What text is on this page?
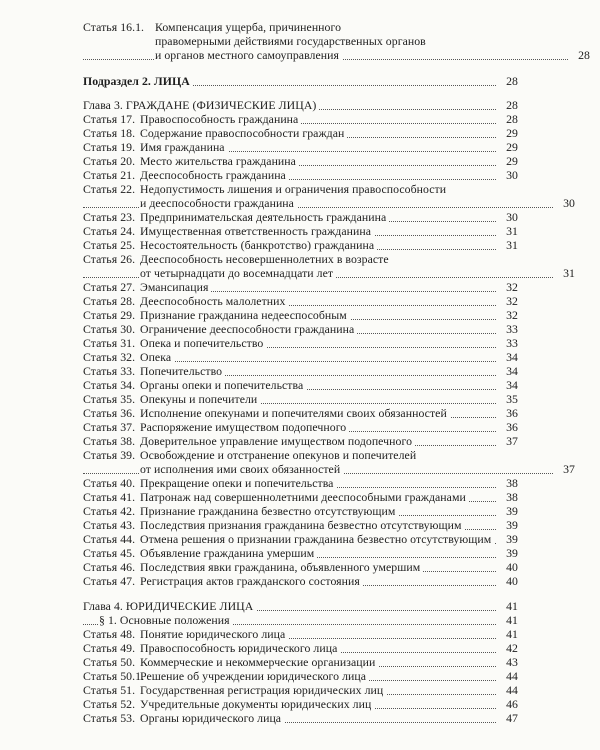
Статья 16.1. Компенсация ущерба, причиненного
правомерными действиями государственных органов
и органов местного самоуправления	28
Подраздел 2. ЛИЦА	28
Глава 3. ГРАЖДАНЕ (ФИЗИЧЕСКИЕ ЛИЦА)	28
Статья 17. Правоспособность гражданина	28
Статья 18. Содержание правоспособности граждан	29
Статья 19. Имя гражданина	29
Статья 20. Место жительства гражданина	29
Статья 21. Дееспособность гражданина	30
Статья 22. Недопустимость лишения и ограничения правоспособности
и дееспособности гражданина	30
Статья 23. Предпринимательская деятельность гражданина	30
Статья 24. Имущественная ответственность гражданина	31
Статья 25. Несостоятельность (банкротство) гражданина	31
Статья 26. Дееспособность несовершеннолетних в возрасте
от четырнадцати до восемнадцати лет	31
Статья 27. Эмансипация	32
Статья 28. Дееспособность малолетних	32
Статья 29. Признание гражданина недееспособным	32
Статья 30. Ограничение дееспособности гражданина	33
Статья 31. Опека и попечительство	33
Статья 32. Опека	34
Статья 33. Попечительство	34
Статья 34. Органы опеки и попечительства	34
Статья 35. Опекуны и попечители	35
Статья 36. Исполнение опекунами и попечителями своих обязанностей	36
Статья 37. Распоряжение имуществом подопечного	36
Статья 38. Доверительное управление имуществом подопечного	37
Статья 39. Освобождение и отстранение опекунов и попечителей
от исполнения ими своих обязанностей	37
Статья 40. Прекращение опеки и попечительства	38
Статья 41. Патронаж над совершеннолетними дееспособными гражданами	38
Статья 42. Признание гражданина безвестно отсутствующим	39
Статья 43. Последствия признания гражданина безвестно отсутствующим	39
Статья 44. Отмена решения о признании гражданина безвестно отсутствующим	39
Статья 45. Объявление гражданина умершим	39
Статья 46. Последствия явки гражданина, объявленного умершим	40
Статья 47. Регистрация актов гражданского состояния	40
Глава 4. ЮРИДИЧЕСКИЕ ЛИЦА	41
§ 1. Основные положения	41
Статья 48. Понятие юридического лица	41
Статья 49. Правоспособность юридического лица	42
Статья 50. Коммерческие и некоммерческие организации	43
Статья 50.1.Решение об учреждении юридического лица	44
Статья 51. Государственная регистрация юридических лиц	44
Статья 52. Учредительные документы юридических лиц	46
Статья 53. Органы юридического лица	47
